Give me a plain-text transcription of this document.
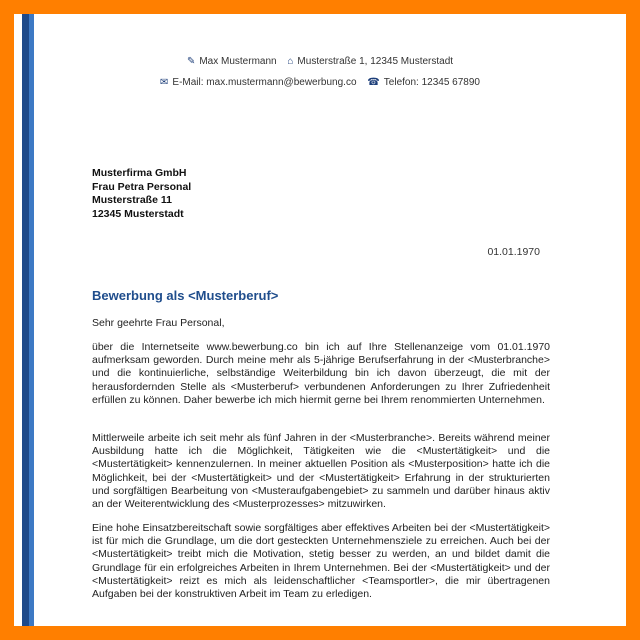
✎ Max Mustermann ⌂ Musterstraße 1, 12345 Musterstadt
✉ E-Mail: max.mustermann@bewerbung.co ☎ Telefon: 12345 67890
Musterfirma GmbH
Frau Petra Personal
Musterstraße 11
12345 Musterstadt
01.01.1970
Bewerbung als <Musterberuf>
Sehr geehrte Frau Personal,
über die Internetseite www.bewerbung.co bin ich auf Ihre Stellenanzeige vom 01.01.1970 aufmerksam geworden. Durch meine mehr als 5-jährige Berufserfahrung in der <Musterbranche> und die kontinuierliche, selbständige Weiterbildung bin ich davon überzeugt, die mit der herausfordernden Stelle als <Musterberuf> verbundenen Anforderungen zu Ihrer Zufriedenheit erfüllen zu können. Daher bewerbe ich mich hiermit gerne bei Ihrem renommierten Unternehmen.
Mittlerweile arbeite ich seit mehr als fünf Jahren in der <Musterbranche>. Bereits während meiner Ausbildung hatte ich die Möglichkeit, Tätigkeiten wie die <Mustertätigkeit> und die <Mustertätigkeit> kennenzulernen. In meiner aktuellen Position als <Musterposition> hatte ich die Möglichkeit, bei der <Mustertätigkeit> und der <Mustertätigkeit> Erfahrung in der strukturierten und sorgfältigen Bearbeitung von <Musteraufgabengebiet> zu sammeln und darüber hinaus aktiv an der Weiterentwicklung des <Musterprozesses> mitzuwirken.
Eine hohe Einsatzbereitschaft sowie sorgfältiges aber effektives Arbeiten bei der <Mustertätigkeit> ist für mich die Grundlage, um die dort gesteckten Unternehmensziele zu erreichen. Auch bei der <Mustertätigkeit> treibt mich die Motivation, stetig besser zu werden, an und bildet damit die Grundlage für ein erfolgreiches Arbeiten in Ihrem Unternehmen. Bei der <Mustertätigkeit> und der <Mustertätigkeit> reizt es mich als leidenschaftlicher <Teamsportler>, die mir übertragenen Aufgaben bei der konstruktiven Arbeit im Team zu erledigen.
